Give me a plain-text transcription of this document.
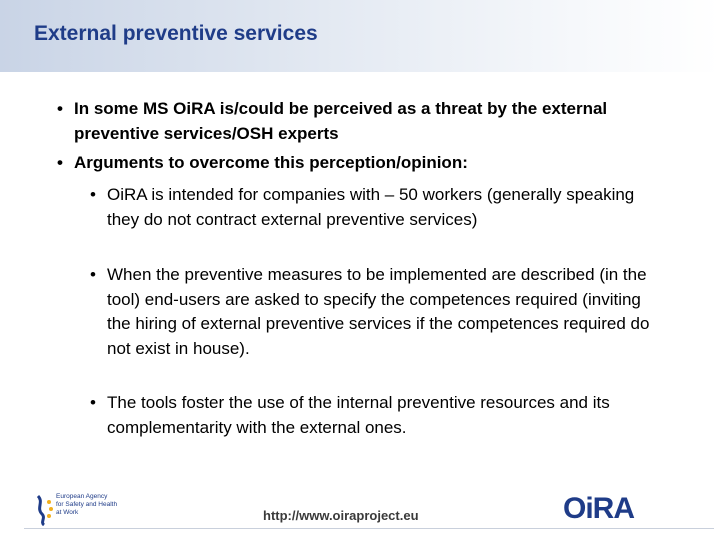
External preventive services
• In some MS OiRA is/could be perceived as a threat by the external preventive services/OSH experts
• Arguments to overcome this perception/opinion:
• OiRA is intended for companies with – 50 workers (generally speaking they do not contract external preventive services)
• When the preventive measures to be implemented are described (in the tool) end-users are asked to specify the competences required (inviting the hiring of external preventive services if the competences required do not exist in house).
• The tools foster the use of the internal preventive resources and its complementarity with the external ones.
European Agency
for Safety and Health
at Work	http://www.oiraproject.eu	OiRA
